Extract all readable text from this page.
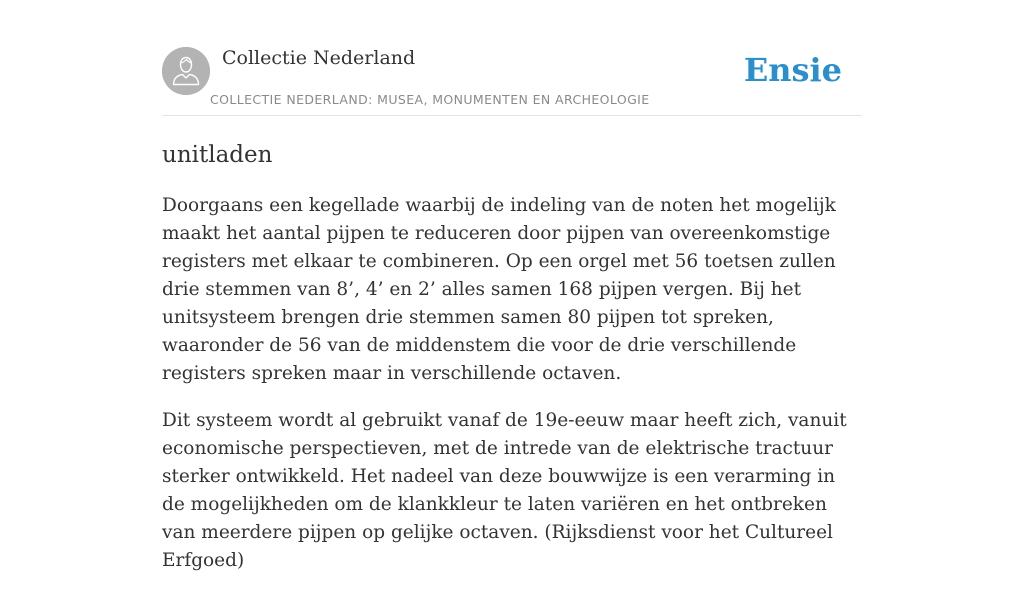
Collectie Nederland
COLLECTIE NEDERLAND: MUSEA, MONUMENTEN EN ARCHEOLOGIE
Ensie
unitladen

Doorgaans een kegellade waarbij de indeling van de noten het mogelijk maakt het aantal pijpen te reduceren door pijpen van overeenkomstige registers met elkaar te combineren. Op een orgel met 56 toetsen zullen drie stemmen van 8’, 4’ en 2’ alles samen 168 pijpen vergen. Bij het unitsysteem brengen drie stemmen samen 80 pijpen tot spreken, waaronder de 56 van de middenstem die voor de drie verschillende registers spreken maar in verschillende octaven.

Dit systeem wordt al gebruikt vanaf de 19e-eeuw maar heeft zich, vanuit economische perspectieven, met de intrede van de elektrische tractuur sterker ontwikkeld. Het nadeel van deze bouwwijze is een verarming in de mogelijkheden om de klankkleur te laten variëren en het ontbreken van meerdere pijpen op gelijke octaven. (Rijksdienst voor het Cultureel Erfgoed)
